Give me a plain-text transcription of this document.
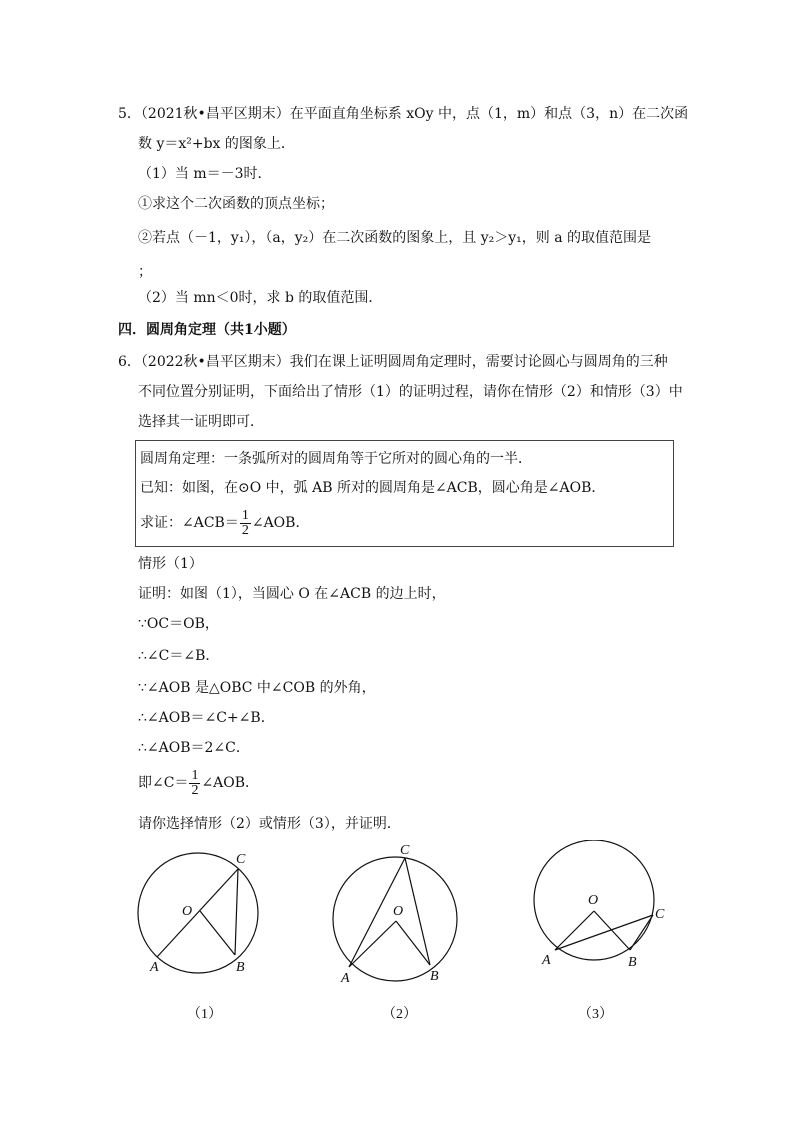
5．（2021秋•昌平区期末）在平面直角坐标系 xOy 中，点（1，m）和点（3，n）在二次函
数 y＝x²+bx 的图象上．
（1）当 m＝－3时．
①求这个二次函数的顶点坐标；
②若点（－1，y₁），（a，y₂）在二次函数的图象上，且 y₂＞y₁，则 a 的取值范围是
；
（2）当 mn＜0时，求 b 的取值范围．
四．圆周角定理（共1小题）
6．（2022秋•昌平区期末）我们在课上证明圆周角定理时，需要讨论圆心与圆周角的三种
不同位置分别证明，下面给出了情形（1）的证明过程，请你在情形（2）和情形（3）中
选择其一证明即可．
圆周角定理：一条弧所对的圆周角等于它所对的圆心角的一半．
已知：如图，在⊙O 中，弧 AB 所对的圆周角是∠ACB，圆心角是∠AOB．
求证：∠ACB＝ $\frac{1}{2}$ ∠AOB．
情形（1）
证明：如图（1），当圆心 O 在∠ACB 的边上时，
∵OC＝OB，
∴∠C＝∠B．
∵∠AOB 是△OBC 中∠COB 的外角，
∴∠AOB＝∠C+∠B．
∴∠AOB＝2∠C．
即∠C＝ $\frac{1}{2}$ ∠AOB．
请你选择情形（2）或情形（3），并证明．
C
O
A	B
（1）
C
O
A	B
（2）
O
C
A	B
（3）
